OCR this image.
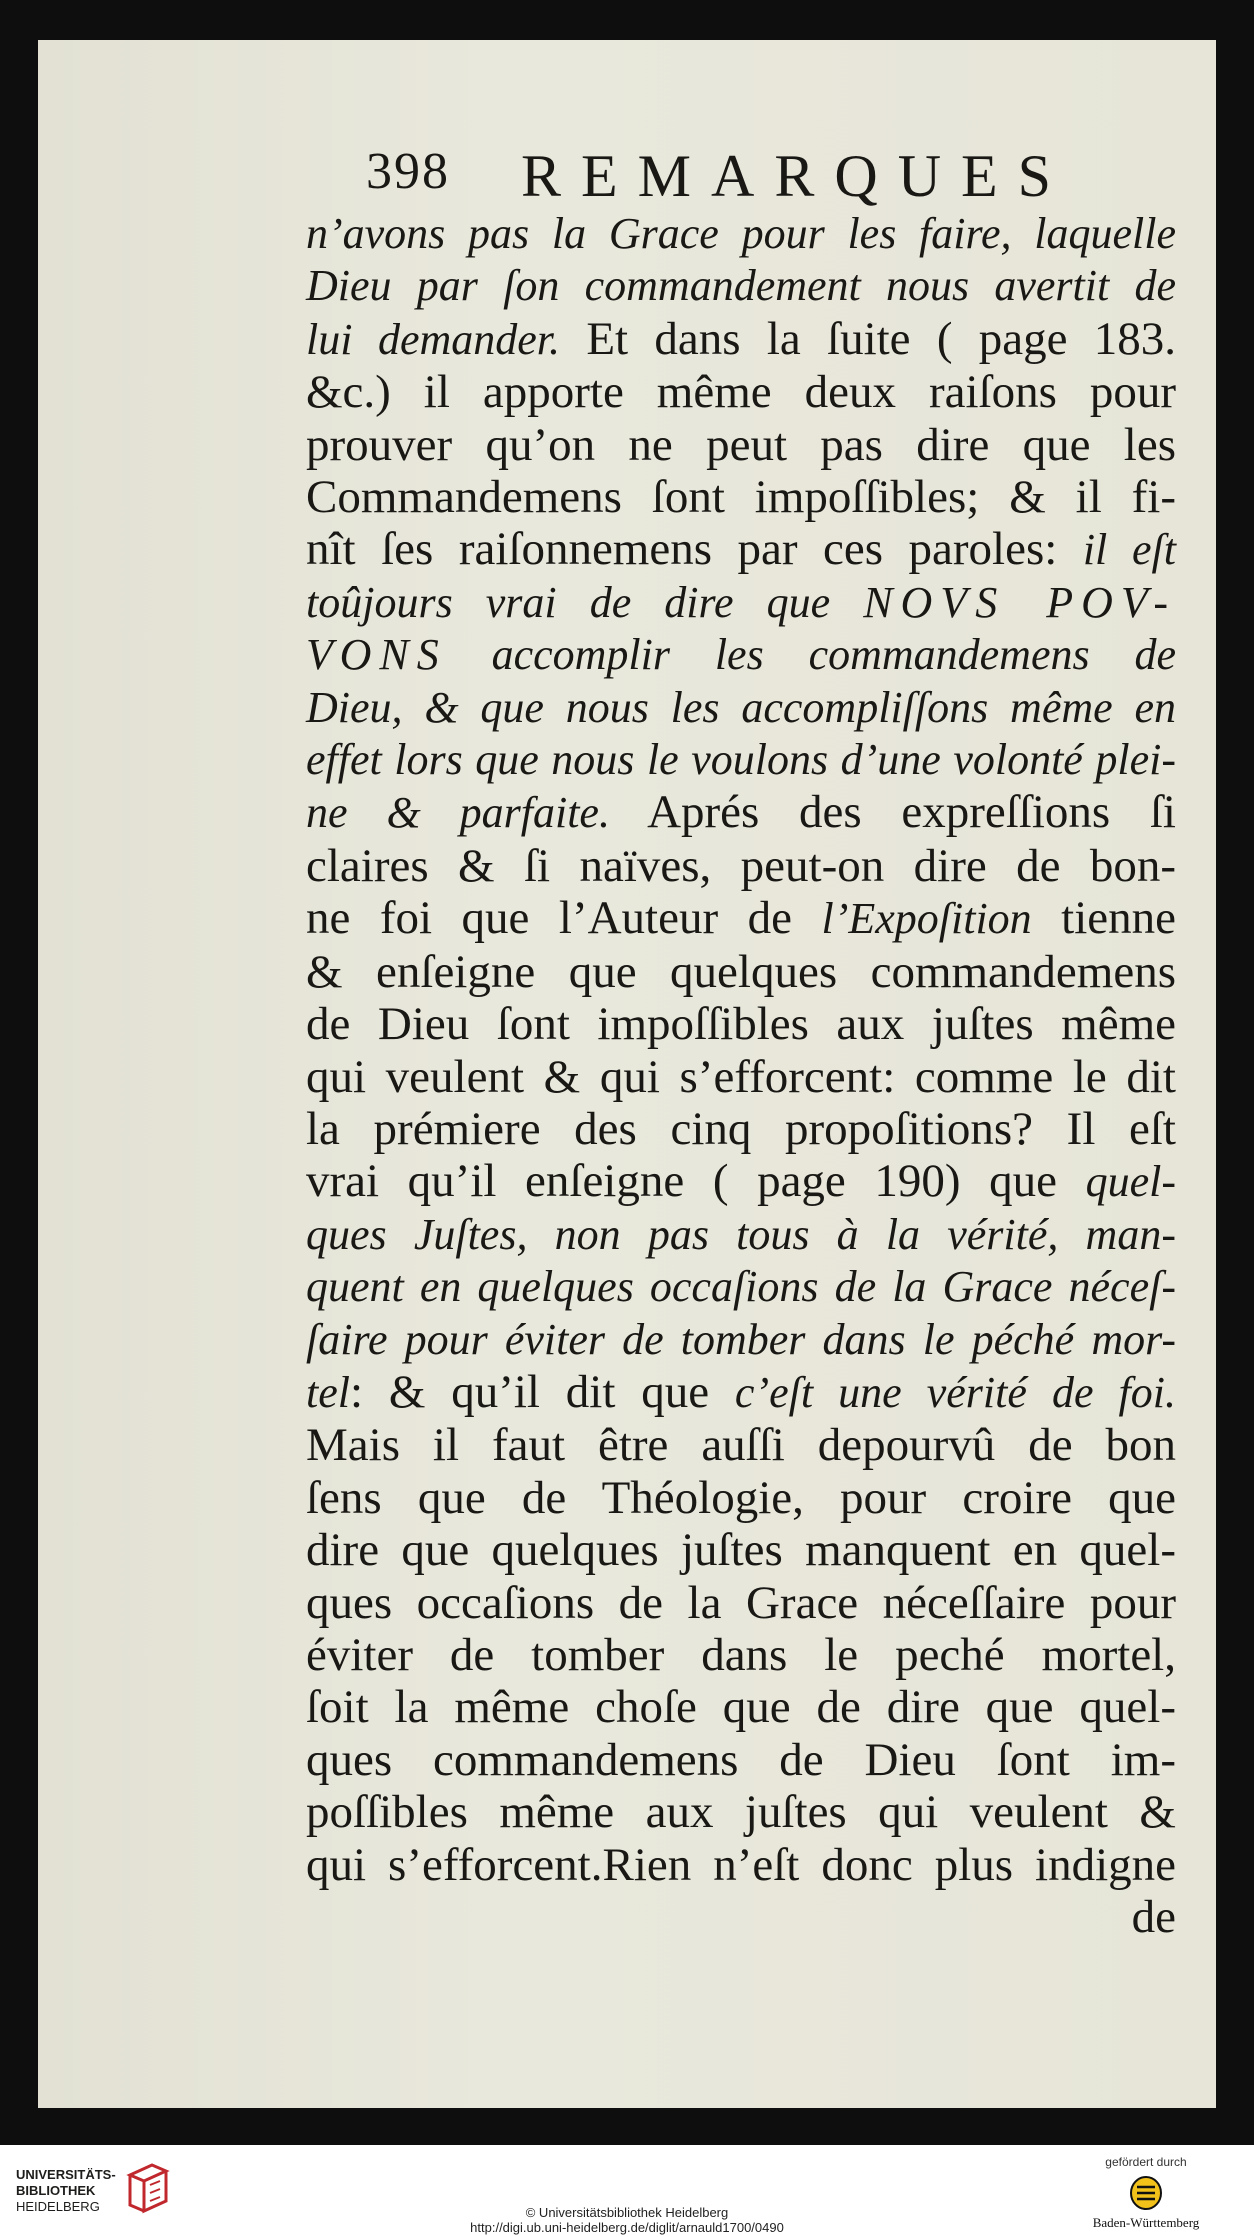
398 REMARQUES
n’avons pas la Grace pour les faire, laquelle
Dieu par ſon commandement nous avertit de
lui demander. Et dans la ſuite ( page 183.
&c.) il apporte même deux raiſons pour
prouver qu’on ne peut pas dire que les
Commandemens ſont impoſſibles; & il fi-
nît ſes raiſonnemens par ces paroles: il eſt
toûjours vrai de dire que NOVS POV-
VONS accomplir les commandemens de
Dieu, & que nous les accompliſſons même en
effet lors que nous le voulons d’une volonté plei-
ne & parfaite. Aprés des expreſſions ſi
claires & ſi naïves, peut-on dire de bon-
ne foi que l’Auteur de l’Expoſition tienne
& enſeigne que quelques commandemens
de Dieu ſont impoſſibles aux juſtes même
qui veulent & qui s’efforcent: comme le dit
la prémiere des cinq propoſitions? Il eſt
vrai qu’il enſeigne ( page 190) que quel-
ques Juſtes, non pas tous à la vérité, man-
quent en quelques occaſions de la Grace néceſ-
ſaire pour éviter de tomber dans le péché mor-
tel: & qu’il dit que c’eſt une vérité de foi.
Mais il faut être auſſi depourvû de bon
ſens que de Théologie, pour croire que
dire que quelques juſtes manquent en quel-
ques occaſions de la Grace néceſſaire pour
éviter de tomber dans le peché mortel,
ſoit la même choſe que de dire que quel-
ques commandemens de Dieu ſont im-
poſſibles même aux juſtes qui veulent &
qui s’efforcent.Rien n’eſt donc plus indigne
de
UNIVERSITÄTS-
BIBLIOTHEK
HEIDELBERG	© Universitätsbibliothek Heidelberg
http://digi.ub.uni-heidelberg.de/diglit/arnauld1700/0490
gefördert durch
Baden-Württemberg
